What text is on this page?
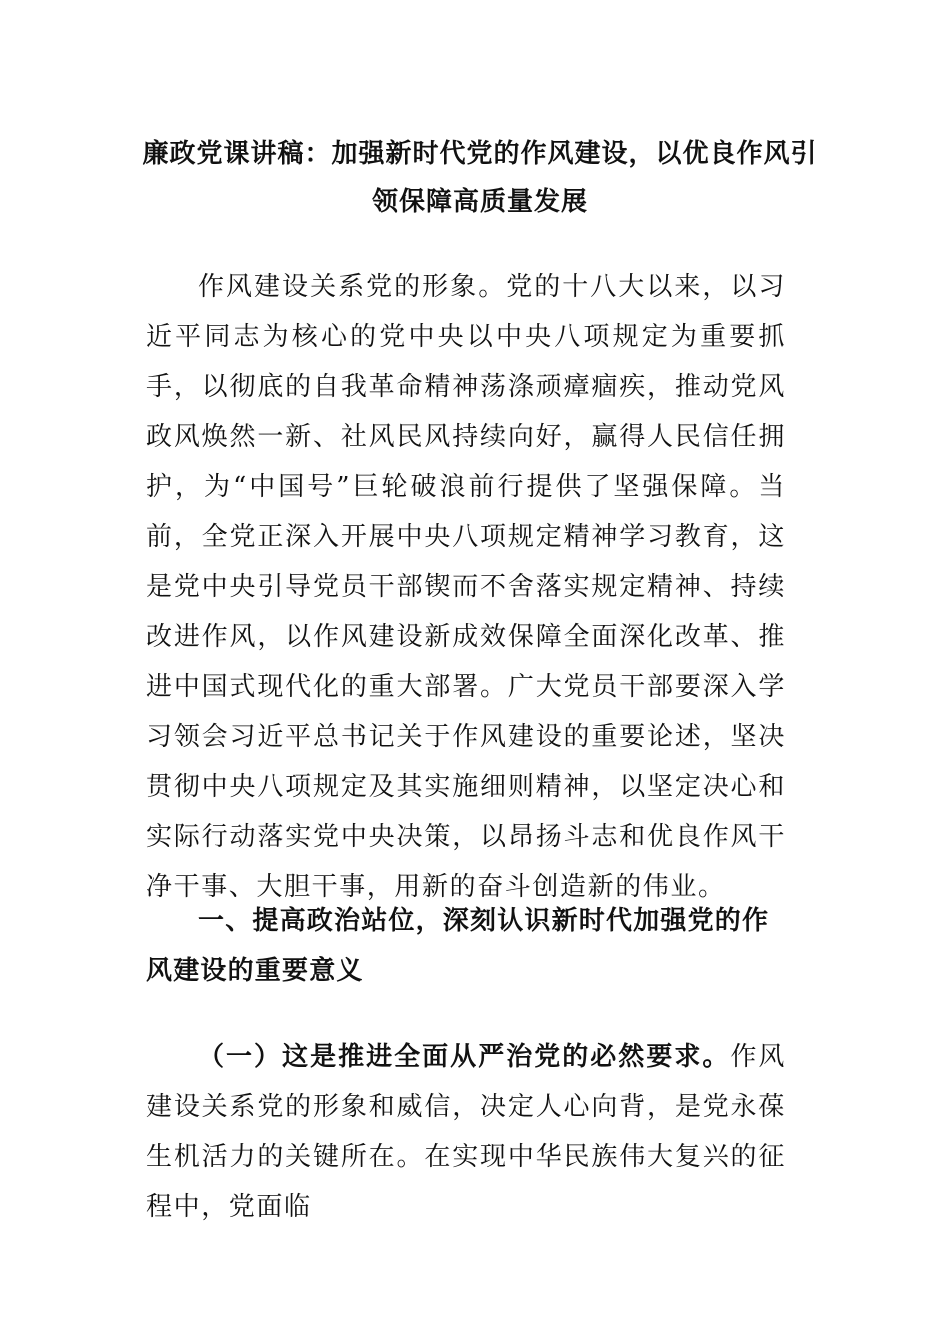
廉政党课讲稿：加强新时代党的作风建设，以优良作风引领保障高质量发展

作风建设关系党的形象。党的十八大以来，以习近平同志为核心的党中央以中央八项规定为重要抓手，以彻底的自我革命精神荡涤顽瘴痼疾，推动党风政风焕然一新、社风民风持续向好，赢得人民信任拥护，为“中国号”巨轮破浪前行提供了坚强保障。当前，全党正深入开展中央八项规定精神学习教育，这是党中央引导党员干部锲而不舍落实规定精神、持续改进作风，以作风建设新成效保障全面深化改革、推进中国式现代化的重大部署。广大党员干部要深入学习领会习近平总书记关于作风建设的重要论述，坚决贯彻中央八项规定及其实施细则精神，以坚定决心和实际行动落实党中央决策，以昂扬斗志和优良作风干净干事、大胆干事，用新的奋斗创造新的伟业。

一、提高政治站位，深刻认识新时代加强党的作风建设的重要意义

（一）这是推进全面从严治党的必然要求。作风建设关系党的形象和威信，决定人心向背，是党永葆生机活力的关键所在。在实现中华民族伟大复兴的征程中，党面临
